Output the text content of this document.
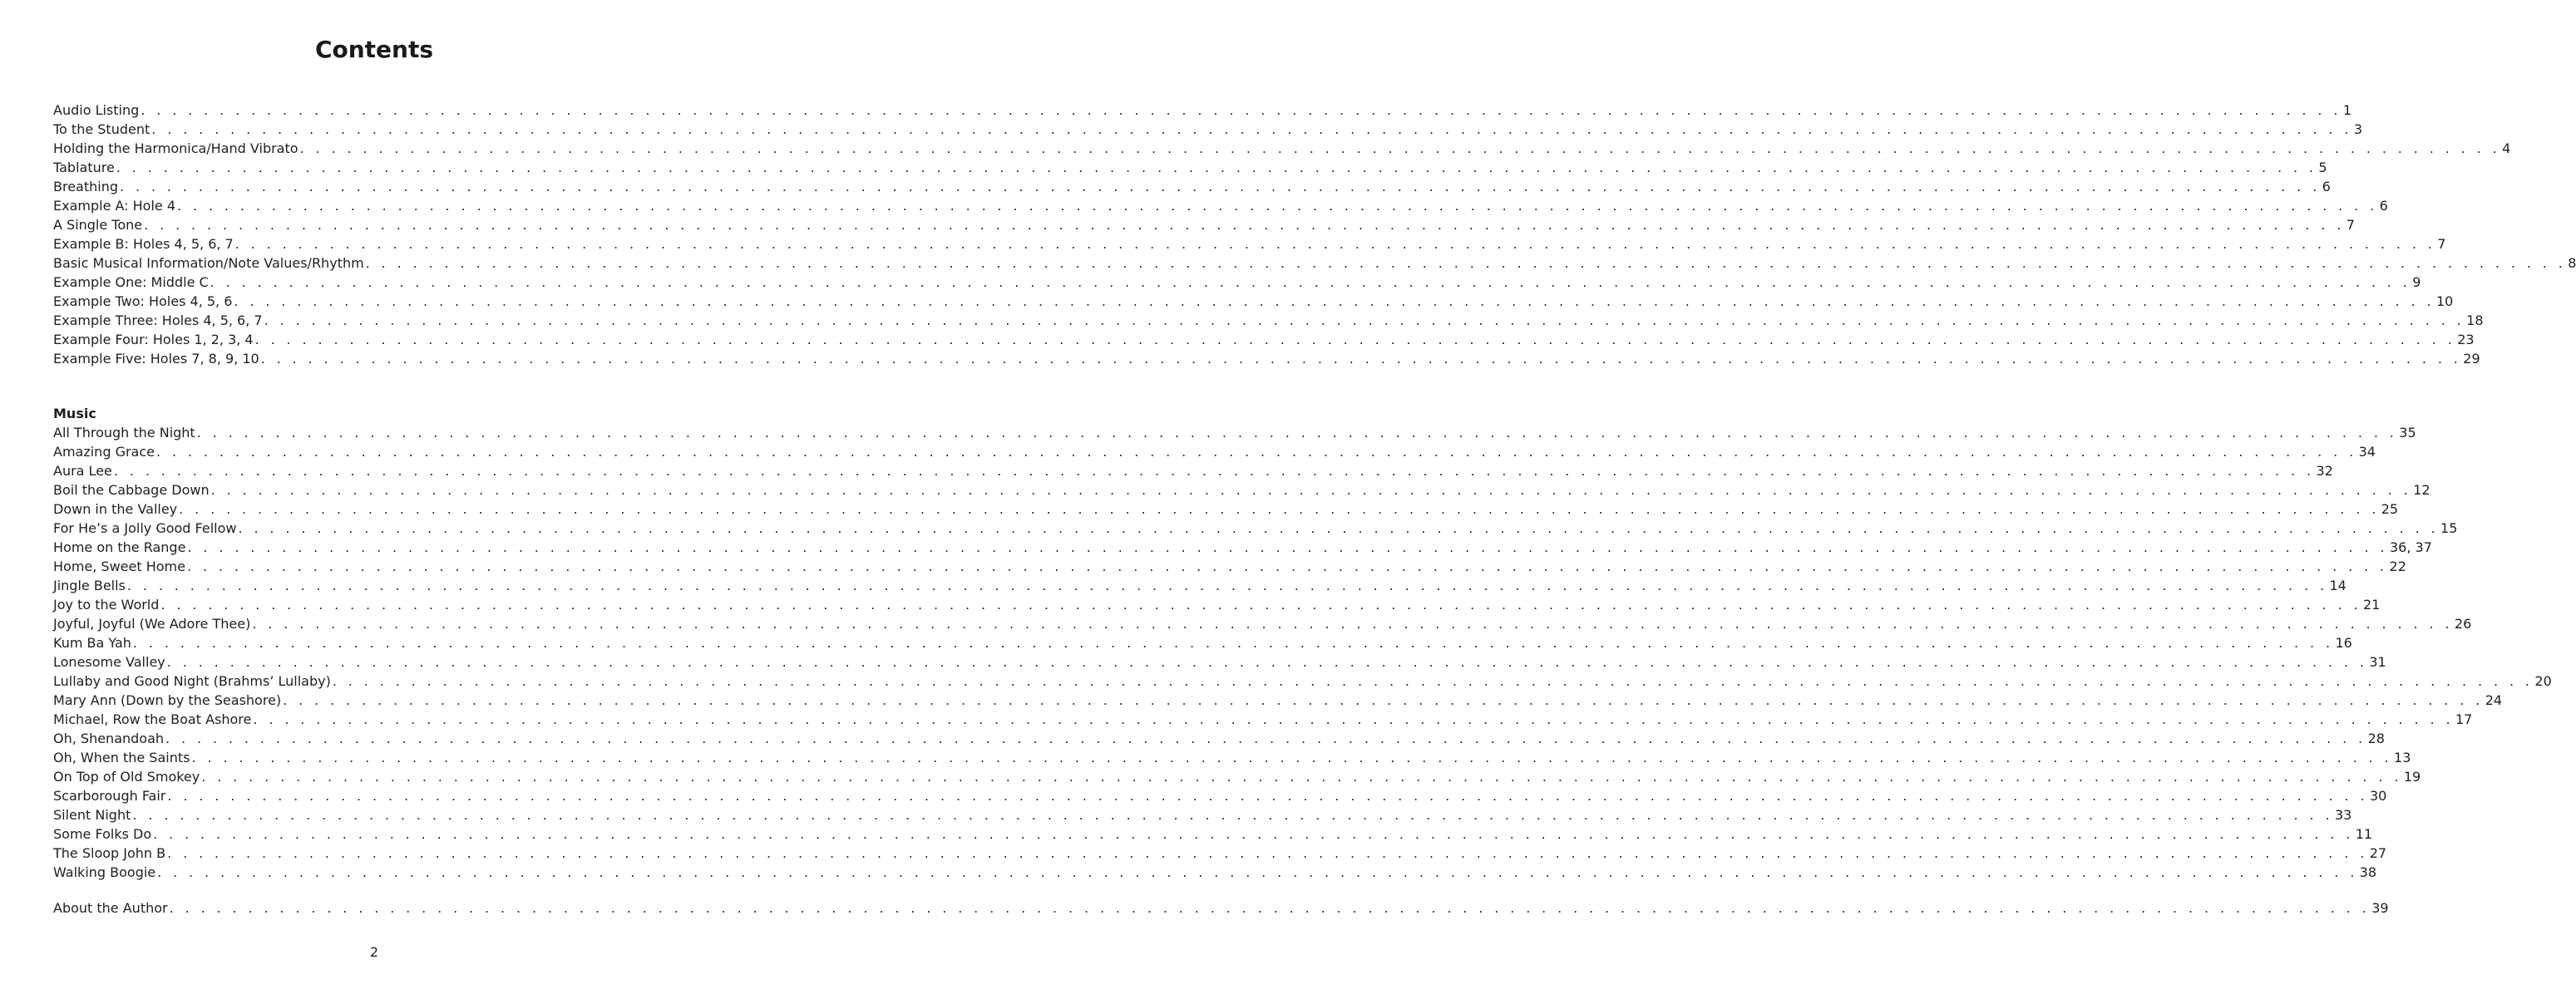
Contents
Audio Listing . . . . . . . . . . . . . . . . . . . . . . . . . . . . . . . . . . . . . . . . . . . . . . . . . . . . . . . . . . . . . . . . . . . . . . . . . . . . . . . . . . . . . . . . . . . . . . . . . . . . . . . . . . . . . . . . . . . . . . . . . . . . . . . . . . . . . . . . . . . . 1
To the Student . . . . . . . . . . . . . . . . . . . . . . . . . . . . . . . . . . . . . . . . . . . . . . . . . . . . . . . . . . . . . . . . . . . . . . . . . . . . . . . . . . . . . . . . . . . . . . . . . . . . . . . . . . . . . . . . . . . . . . . . . . . . . . . . . . . . . . . . . . . . 3
Holding the Harmonica/Hand Vibrato . . . . . . . . . . . . . . . . . . . . . . . . . . . . . . . . . . . . . . . . . . . . . . . . . . . . . . . . . . . . . . . . . . . . . . . . . . . . . . . . . . . . . . . . . . . . . . . . . . . . . . . . . . . . . . . . . . . . . . . . . . . . . . . . . . . . . . . . . . . . 4
Tablature . . . . . . . . . . . . . . . . . . . . . . . . . . . . . . . . . . . . . . . . . . . . . . . . . . . . . . . . . . . . . . . . . . . . . . . . . . . . . . . . . . . . . . . . . . . . . . . . . . . . . . . . . . . . . . . . . . . . . . . . . . . . . . . . . . . . . . . . . . . . 5
Breathing . . . . . . . . . . . . . . . . . . . . . . . . . . . . . . . . . . . . . . . . . . . . . . . . . . . . . . . . . . . . . . . . . . . . . . . . . . . . . . . . . . . . . . . . . . . . . . . . . . . . . . . . . . . . . . . . . . . . . . . . . . . . . . . . . . . . . . . . . . . . 6
Example A: Hole 4 . . . . . . . . . . . . . . . . . . . . . . . . . . . . . . . . . . . . . . . . . . . . . . . . . . . . . . . . . . . . . . . . . . . . . . . . . . . . . . . . . . . . . . . . . . . . . . . . . . . . . . . . . . . . . . . . . . . . . . . . . . . . . . . . . . . . . . . . . . . . 6
A Single Tone . . . . . . . . . . . . . . . . . . . . . . . . . . . . . . . . . . . . . . . . . . . . . . . . . . . . . . . . . . . . . . . . . . . . . . . . . . . . . . . . . . . . . . . . . . . . . . . . . . . . . . . . . . . . . . . . . . . . . . . . . . . . . . . . . . . . . . . . . . . . 7
Example B: Holes 4, 5, 6, 7 . . . . . . . . . . . . . . . . . . . . . . . . . . . . . . . . . . . . . . . . . . . . . . . . . . . . . . . . . . . . . . . . . . . . . . . . . . . . . . . . . . . . . . . . . . . . . . . . . . . . . . . . . . . . . . . . . . . . . . . . . . . . . . . . . . . . . . . . . . . . 7
Basic Musical Information/Note Values/Rhythm . . . . . . . . . . . . . . . . . . . . . . . . . . . . . . . . . . . . . . . . . . . . . . . . . . . . . . . . . . . . . . . . . . . . . . . . . . . . . . . . . . . . . . . . . . . . . . . . . . . . . . . . . . . . . . . . . . . . . . . . . . . . . . . . . . . . . . . . . . . . 8
Example One: Middle C . . . . . . . . . . . . . . . . . . . . . . . . . . . . . . . . . . . . . . . . . . . . . . . . . . . . . . . . . . . . . . . . . . . . . . . . . . . . . . . . . . . . . . . . . . . . . . . . . . . . . . . . . . . . . . . . . . . . . . . . . . . . . . . . . . . . . . . . . . . . 9
Example Two: Holes 4, 5, 6 . . . . . . . . . . . . . . . . . . . . . . . . . . . . . . . . . . . . . . . . . . . . . . . . . . . . . . . . . . . . . . . . . . . . . . . . . . . . . . . . . . . . . . . . . . . . . . . . . . . . . . . . . . . . . . . . . . . . . . . . . . . . . . . . . . . . . . . . . . . . 10
Example Three: Holes 4, 5, 6, 7 . . . . . . . . . . . . . . . . . . . . . . . . . . . . . . . . . . . . . . . . . . . . . . . . . . . . . . . . . . . . . . . . . . . . . . . . . . . . . . . . . . . . . . . . . . . . . . . . . . . . . . . . . . . . . . . . . . . . . . . . . . . . . . . . . . . . . . . . . . . . 18
Example Four: Holes 1, 2, 3, 4 . . . . . . . . . . . . . . . . . . . . . . . . . . . . . . . . . . . . . . . . . . . . . . . . . . . . . . . . . . . . . . . . . . . . . . . . . . . . . . . . . . . . . . . . . . . . . . . . . . . . . . . . . . . . . . . . . . . . . . . . . . . . . . . . . . . . . . . . . . . . 23
Example Five: Holes 7, 8, 9, 10 . . . . . . . . . . . . . . . . . . . . . . . . . . . . . . . . . . . . . . . . . . . . . . . . . . . . . . . . . . . . . . . . . . . . . . . . . . . . . . . . . . . . . . . . . . . . . . . . . . . . . . . . . . . . . . . . . . . . . . . . . . . . . . . . . . . . . . . . . . . . 29
Music
All Through the Night . . . . . . . . . . . . . . . . . . . . . . . . . . . . . . . . . . . . . . . . . . . . . . . . . . . . . . . . . . . . . . . . . . . . . . . . . . . . . . . . . . . . . . . . . . . . . . . . . . . . . . . . . . . . . . . . . . . . . . . . . . . . . . . . . . . . . . . . . . . . 35
Amazing Grace . . . . . . . . . . . . . . . . . . . . . . . . . . . . . . . . . . . . . . . . . . . . . . . . . . . . . . . . . . . . . . . . . . . . . . . . . . . . . . . . . . . . . . . . . . . . . . . . . . . . . . . . . . . . . . . . . . . . . . . . . . . . . . . . . . . . . . . . . . . . 34
Aura Lee . . . . . . . . . . . . . . . . . . . . . . . . . . . . . . . . . . . . . . . . . . . . . . . . . . . . . . . . . . . . . . . . . . . . . . . . . . . . . . . . . . . . . . . . . . . . . . . . . . . . . . . . . . . . . . . . . . . . . . . . . . . . . . . . . . . . . . . . . . . . 32
Boil the Cabbage Down . . . . . . . . . . . . . . . . . . . . . . . . . . . . . . . . . . . . . . . . . . . . . . . . . . . . . . . . . . . . . . . . . . . . . . . . . . . . . . . . . . . . . . . . . . . . . . . . . . . . . . . . . . . . . . . . . . . . . . . . . . . . . . . . . . . . . . . . . . . . 12
Down in the Valley . . . . . . . . . . . . . . . . . . . . . . . . . . . . . . . . . . . . . . . . . . . . . . . . . . . . . . . . . . . . . . . . . . . . . . . . . . . . . . . . . . . . . . . . . . . . . . . . . . . . . . . . . . . . . . . . . . . . . . . . . . . . . . . . . . . . . . . . . . . . 25
For He’s a Jolly Good Fellow . . . . . . . . . . . . . . . . . . . . . . . . . . . . . . . . . . . . . . . . . . . . . . . . . . . . . . . . . . . . . . . . . . . . . . . . . . . . . . . . . . . . . . . . . . . . . . . . . . . . . . . . . . . . . . . . . . . . . . . . . . . . . . . . . . . . . . . . . . . . 15
Home on the Range . . . . . . . . . . . . . . . . . . . . . . . . . . . . . . . . . . . . . . . . . . . . . . . . . . . . . . . . . . . . . . . . . . . . . . . . . . . . . . . . . . . . . . . . . . . . . . . . . . . . . . . . . . . . . . . . . . . . . . . . . . . . . . . . . . . . . . . . . . . . 36, 37
Home, Sweet Home . . . . . . . . . . . . . . . . . . . . . . . . . . . . . . . . . . . . . . . . . . . . . . . . . . . . . . . . . . . . . . . . . . . . . . . . . . . . . . . . . . . . . . . . . . . . . . . . . . . . . . . . . . . . . . . . . . . . . . . . . . . . . . . . . . . . . . . . . . . . 22
Jingle Bells . . . . . . . . . . . . . . . . . . . . . . . . . . . . . . . . . . . . . . . . . . . . . . . . . . . . . . . . . . . . . . . . . . . . . . . . . . . . . . . . . . . . . . . . . . . . . . . . . . . . . . . . . . . . . . . . . . . . . . . . . . . . . . . . . . . . . . . . . . . . 14
Joy to the World . . . . . . . . . . . . . . . . . . . . . . . . . . . . . . . . . . . . . . . . . . . . . . . . . . . . . . . . . . . . . . . . . . . . . . . . . . . . . . . . . . . . . . . . . . . . . . . . . . . . . . . . . . . . . . . . . . . . . . . . . . . . . . . . . . . . . . . . . . . . 21
Joyful, Joyful (We Adore Thee) . . . . . . . . . . . . . . . . . . . . . . . . . . . . . . . . . . . . . . . . . . . . . . . . . . . . . . . . . . . . . . . . . . . . . . . . . . . . . . . . . . . . . . . . . . . . . . . . . . . . . . . . . . . . . . . . . . . . . . . . . . . . . . . . . . . . . . . . . . . . 26
Kum Ba Yah . . . . . . . . . . . . . . . . . . . . . . . . . . . . . . . . . . . . . . . . . . . . . . . . . . . . . . . . . . . . . . . . . . . . . . . . . . . . . . . . . . . . . . . . . . . . . . . . . . . . . . . . . . . . . . . . . . . . . . . . . . . . . . . . . . . . . . . . . . . . 16
Lonesome Valley . . . . . . . . . . . . . . . . . . . . . . . . . . . . . . . . . . . . . . . . . . . . . . . . . . . . . . . . . . . . . . . . . . . . . . . . . . . . . . . . . . . . . . . . . . . . . . . . . . . . . . . . . . . . . . . . . . . . . . . . . . . . . . . . . . . . . . . . . . . . 31
Lullaby and Good Night (Brahms’ Lullaby) . . . . . . . . . . . . . . . . . . . . . . . . . . . . . . . . . . . . . . . . . . . . . . . . . . . . . . . . . . . . . . . . . . . . . . . . . . . . . . . . . . . . . . . . . . . . . . . . . . . . . . . . . . . . . . . . . . . . . . . . . . . . . . . . . . . . . . . . . . . . 20
Mary Ann (Down by the Seashore) . . . . . . . . . . . . . . . . . . . . . . . . . . . . . . . . . . . . . . . . . . . . . . . . . . . . . . . . . . . . . . . . . . . . . . . . . . . . . . . . . . . . . . . . . . . . . . . . . . . . . . . . . . . . . . . . . . . . . . . . . . . . . . . . . . . . . . . . . . . . 24
Michael, Row the Boat Ashore . . . . . . . . . . . . . . . . . . . . . . . . . . . . . . . . . . . . . . . . . . . . . . . . . . . . . . . . . . . . . . . . . . . . . . . . . . . . . . . . . . . . . . . . . . . . . . . . . . . . . . . . . . . . . . . . . . . . . . . . . . . . . . . . . . . . . . . . . . . . 17
Oh, Shenandoah . . . . . . . . . . . . . . . . . . . . . . . . . . . . . . . . . . . . . . . . . . . . . . . . . . . . . . . . . . . . . . . . . . . . . . . . . . . . . . . . . . . . . . . . . . . . . . . . . . . . . . . . . . . . . . . . . . . . . . . . . . . . . . . . . . . . . . . . . . . . 28
Oh, When the Saints . . . . . . . . . . . . . . . . . . . . . . . . . . . . . . . . . . . . . . . . . . . . . . . . . . . . . . . . . . . . . . . . . . . . . . . . . . . . . . . . . . . . . . . . . . . . . . . . . . . . . . . . . . . . . . . . . . . . . . . . . . . . . . . . . . . . . . . . . . . . 13
On Top of Old Smokey . . . . . . . . . . . . . . . . . . . . . . . . . . . . . . . . . . . . . . . . . . . . . . . . . . . . . . . . . . . . . . . . . . . . . . . . . . . . . . . . . . . . . . . . . . . . . . . . . . . . . . . . . . . . . . . . . . . . . . . . . . . . . . . . . . . . . . . . . . . . 19
Scarborough Fair . . . . . . . . . . . . . . . . . . . . . . . . . . . . . . . . . . . . . . . . . . . . . . . . . . . . . . . . . . . . . . . . . . . . . . . . . . . . . . . . . . . . . . . . . . . . . . . . . . . . . . . . . . . . . . . . . . . . . . . . . . . . . . . . . . . . . . . . . . . . 30
Silent Night . . . . . . . . . . . . . . . . . . . . . . . . . . . . . . . . . . . . . . . . . . . . . . . . . . . . . . . . . . . . . . . . . . . . . . . . . . . . . . . . . . . . . . . . . . . . . . . . . . . . . . . . . . . . . . . . . . . . . . . . . . . . . . . . . . . . . . . . . . . . 33
Some Folks Do . . . . . . . . . . . . . . . . . . . . . . . . . . . . . . . . . . . . . . . . . . . . . . . . . . . . . . . . . . . . . . . . . . . . . . . . . . . . . . . . . . . . . . . . . . . . . . . . . . . . . . . . . . . . . . . . . . . . . . . . . . . . . . . . . . . . . . . . . . . . 11
The Sloop John B . . . . . . . . . . . . . . . . . . . . . . . . . . . . . . . . . . . . . . . . . . . . . . . . . . . . . . . . . . . . . . . . . . . . . . . . . . . . . . . . . . . . . . . . . . . . . . . . . . . . . . . . . . . . . . . . . . . . . . . . . . . . . . . . . . . . . . . . . . . . 27
Walking Boogie . . . . . . . . . . . . . . . . . . . . . . . . . . . . . . . . . . . . . . . . . . . . . . . . . . . . . . . . . . . . . . . . . . . . . . . . . . . . . . . . . . . . . . . . . . . . . . . . . . . . . . . . . . . . . . . . . . . . . . . . . . . . . . . . . . . . . . . . . . . . 38
About the Author . . . . . . . . . . . . . . . . . . . . . . . . . . . . . . . . . . . . . . . . . . . . . . . . . . . . . . . . . . . . . . . . . . . . . . . . . . . . . . . . . . . . . . . . . . . . . . . . . . . . . . . . . . . . . . . . . . . . . . . . . . . . . . . . . . . . . . . . . . . . 39
2
